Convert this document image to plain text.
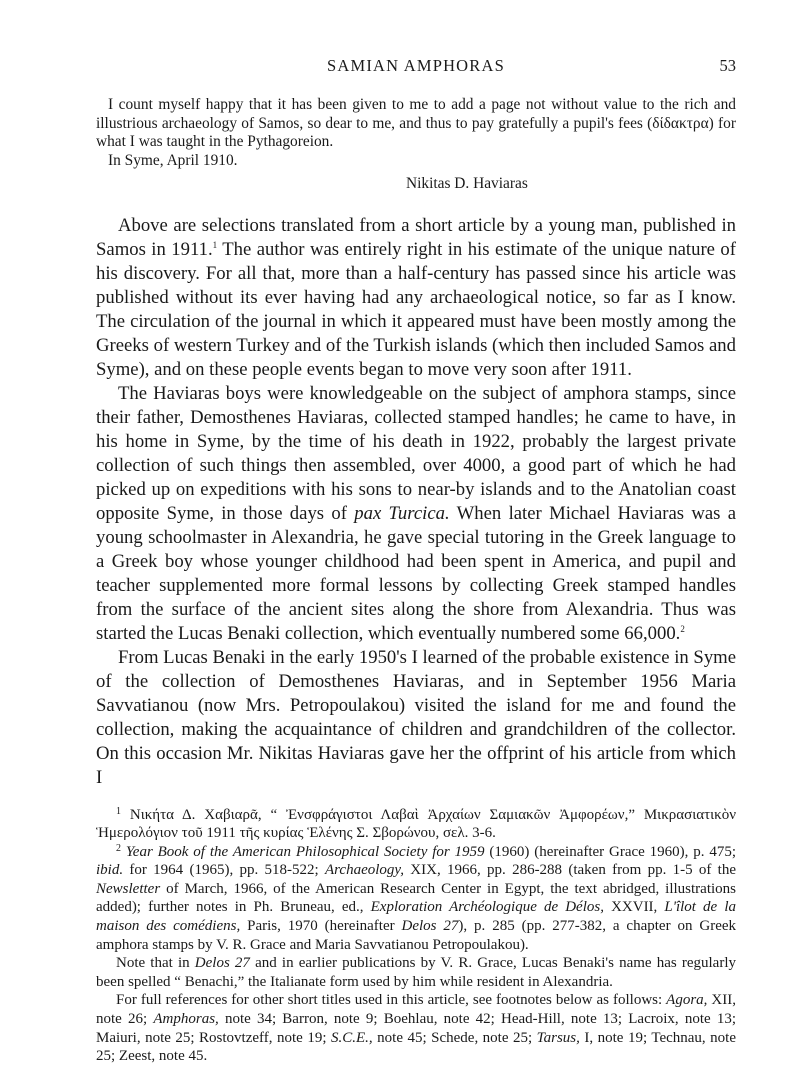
SAMIAN AMPHORAS	53

I count myself happy that it has been given to me to add a page not without value to the rich and illustrious archaeology of Samos, so dear to me, and thus to pay gratefully a pupil's fees (δίδακτρα) for what I was taught in the Pythagoreion.

In Syme, April 1910.

Nikitas D. Haviaras

Above are selections translated from a short article by a young man, published in Samos in 1911.$^1$ The author was entirely right in his estimate of the unique nature of his discovery. For all that, more than a half-century has passed since his article was published without its ever having had any archaeological notice, so far as I know. The circulation of the journal in which it appeared must have been mostly among the Greeks of western Turkey and of the Turkish islands (which then included Samos and Syme), and on these people events began to move very soon after 1911.

The Haviaras boys were knowledgeable on the subject of amphora stamps, since their father, Demosthenes Haviaras, collected stamped handles; he came to have, in his home in Syme, by the time of his death in 1922, probably the largest private collection of such things then assembled, over 4000, a good part of which he had picked up on expeditions with his sons to near-by islands and to the Anatolian coast opposite Syme, in those days of pax Turcica. When later Michael Haviaras was a young schoolmaster in Alexandria, he gave special tutoring in the Greek language to a Greek boy whose younger childhood had been spent in America, and pupil and teacher supplemented more formal lessons by collecting Greek stamped handles from the surface of the ancient sites along the shore from Alexandria. Thus was started the Lucas Benaki collection, which eventually numbered some 66,000.$^2$

From Lucas Benaki in the early 1950's I learned of the probable existence in Syme of the collection of Demosthenes Haviaras, and in September 1956 Maria Savvatianou (now Mrs. Petropoulakou) visited the island for me and found the collection, making the acquaintance of children and grandchildren of the collector. On this occasion Mr. Nikitas Haviaras gave her the offprint of his article from which I

$^1$ Νικήτα Δ. Χαβιαρᾶ, “ Ἐνσφράγιστοι Λαβαὶ Ἀρχαίων Σαμιακῶν Ἀμφορέων,” Μικρασιατικὸν Ἡμερολόγιον τοῦ 1911 τῆς κυρίας Ἑλένης Σ. Σβορώνου, σελ. 3-6.

$^2$ Year Book of the American Philosophical Society for 1959 (1960) (hereinafter Grace 1960), p. 475; ibid. for 1964 (1965), pp. 518-522; Archaeology, XIX, 1966, pp. 286-288 (taken from pp. 1-5 of the Newsletter of March, 1966, of the American Research Center in Egypt, the text abridged, illustrations added); further notes in Ph. Bruneau, ed., Exploration Archéologique de Délos, XXVII, L'îlot de la maison des comédiens, Paris, 1970 (hereinafter Delos 27), p. 285 (pp. 277-382, a chapter on Greek amphora stamps by V. R. Grace and Maria Savvatianou Petropoulakou).

Note that in Delos 27 and in earlier publications by V. R. Grace, Lucas Benaki's name has regularly been spelled “ Benachi,” the Italianate form used by him while resident in Alexandria.

For full references for other short titles used in this article, see footnotes below as follows: Agora, XII, note 26; Amphoras, note 34; Barron, note 9; Boehlau, note 42; Head-Hill, note 13; Lacroix, note 13; Maiuri, note 25; Rostovtzeff, note 19; S.C.E., note 45; Schede, note 25; Tarsus, I, note 19; Technau, note 25; Zeest, note 45.
